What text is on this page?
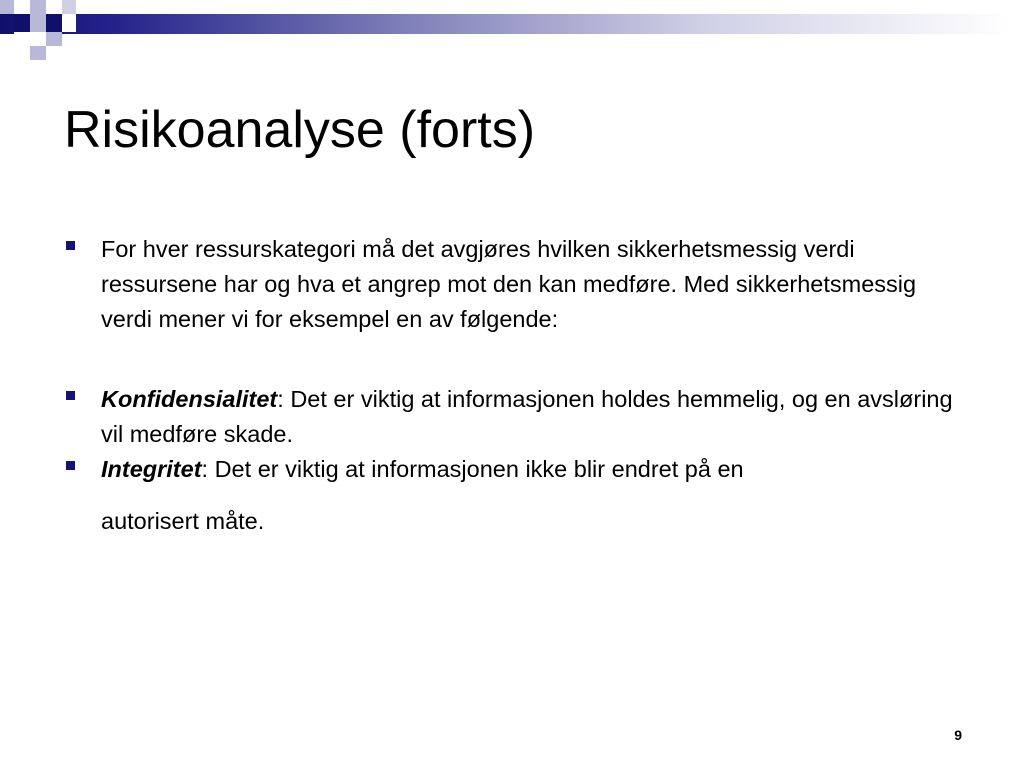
Risikoanalyse (forts)
For hver ressurskategori må det avgjøres hvilken sikkerhetsmessig verdi ressursene har og hva et angrep mot den kan medføre. Med sikkerhetsmessig verdi mener vi for eksempel en av følgende:
Konfidensialitet: Det er viktig at informasjonen holdes hemmelig, og en avsløring vil medføre skade.
Integritet: Det er viktig at informasjonen ikke blir endret på en
autorisert måte.
9
